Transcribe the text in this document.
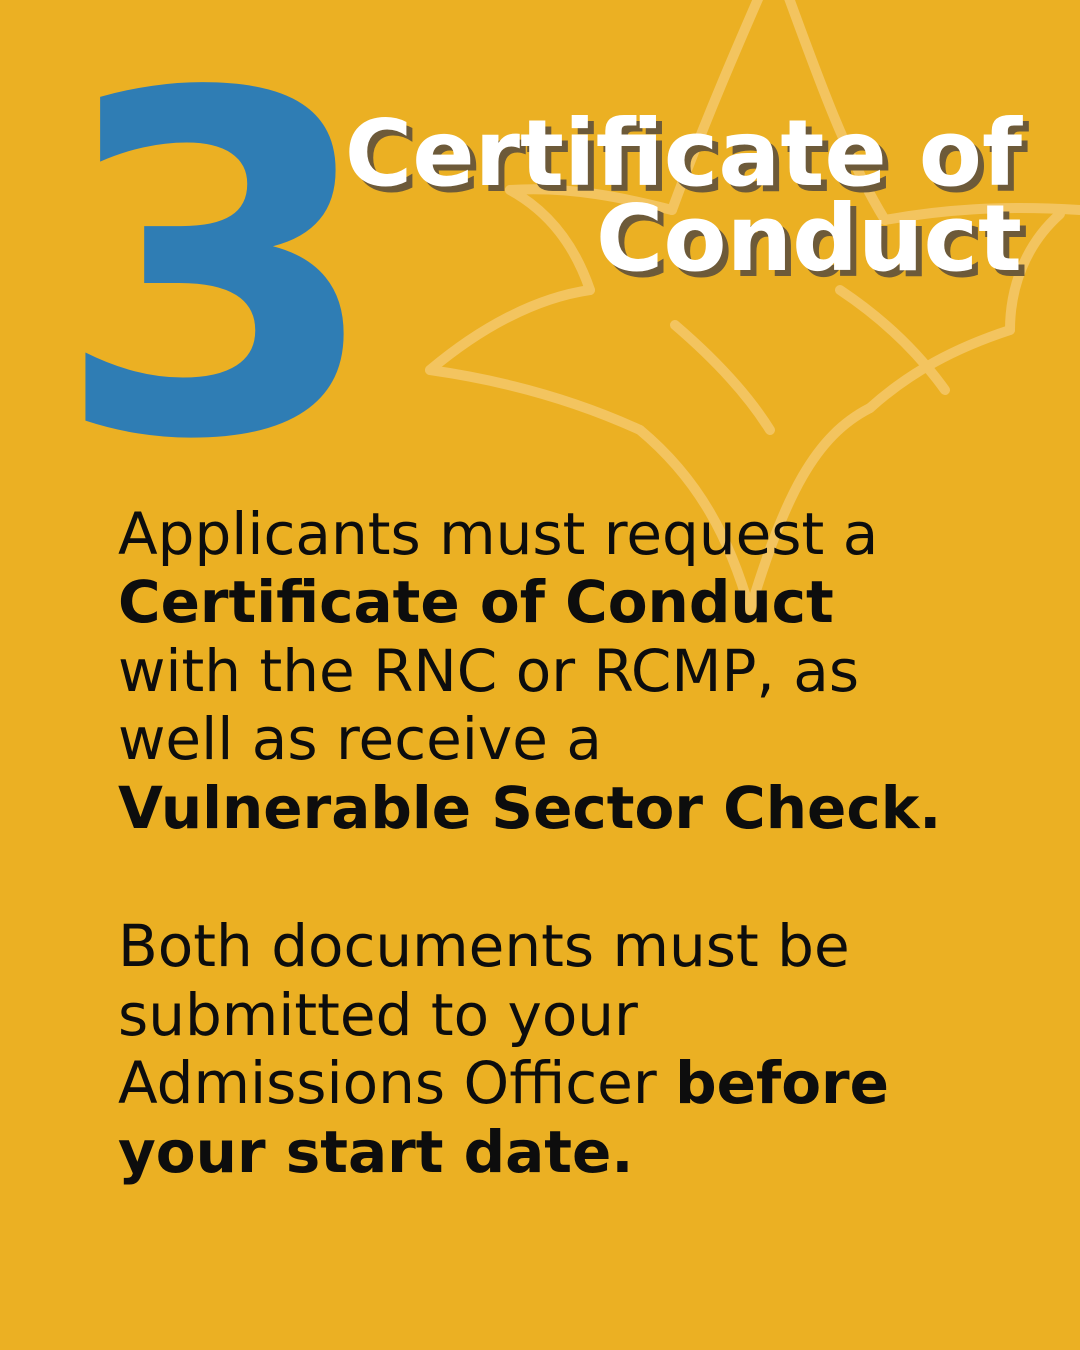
3
Certificate of
Conduct

Applicants must request a
Certificate of Conduct
with the RNC or RCMP, as
well as receive a
Vulnerable Sector Check.

Both documents must be
submitted to your
Admissions Officer before
your start date.
